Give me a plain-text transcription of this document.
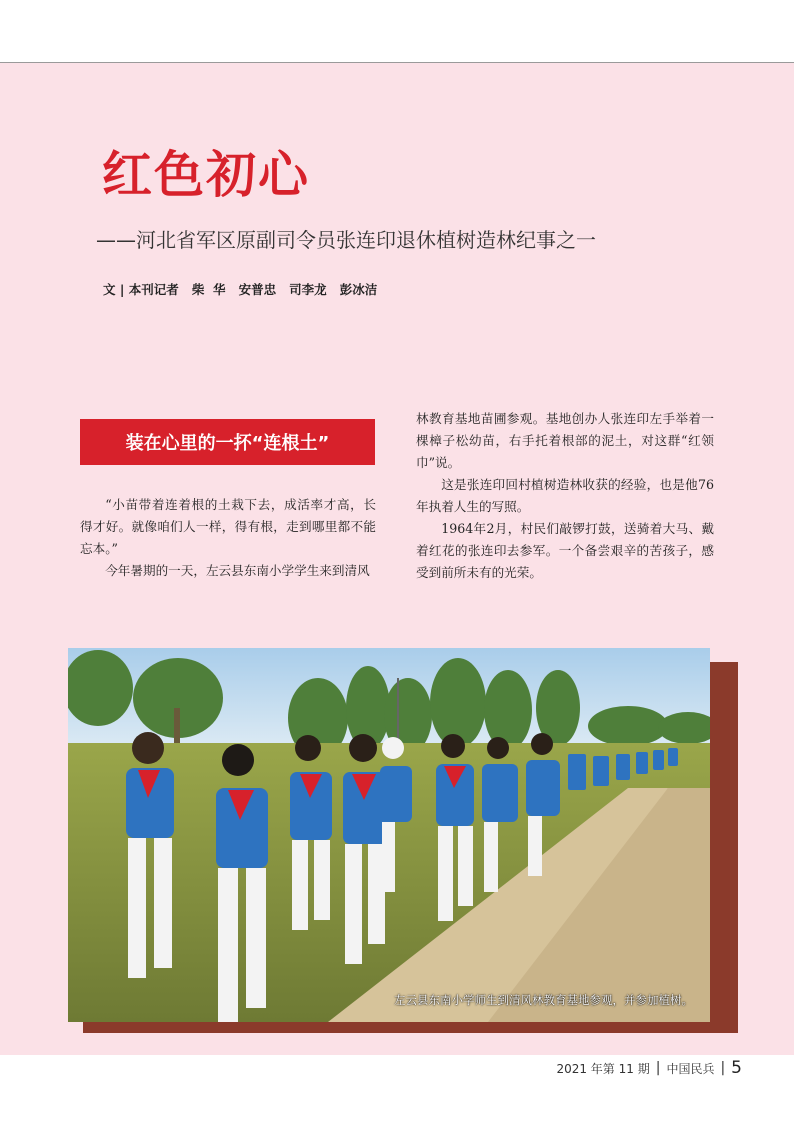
红色初心
——河北省军区原副司令员张连印退休植树造林纪事之一
文 | 本刊记者   柴  华   安普忠   司李龙   彭冰洁
装在心里的一抔“连根土”

“小苗带着连着根的土栽下去，成活率才高，长得才好。就像咱们人一样，得有根，走到哪里都不能忘本。”

今年暑期的一天，左云县东南小学学生来到清风

林教育基地苗圃参观。基地创办人张连印左手举着一棵樟子松幼苗，右手托着根部的泥土，对这群“红领巾”说。

这是张连印回村植树造林收获的经验，也是他76年执着人生的写照。

1964年2月，村民们敲锣打鼓，送骑着大马、戴着红花的张连印去参军。一个备尝艰辛的苦孩子，感受到前所未有的光荣。

左云县东南小学师生到清风林教育基地参观，并参加植树。
2021 年第 11 期 | 中国民兵 | 5
